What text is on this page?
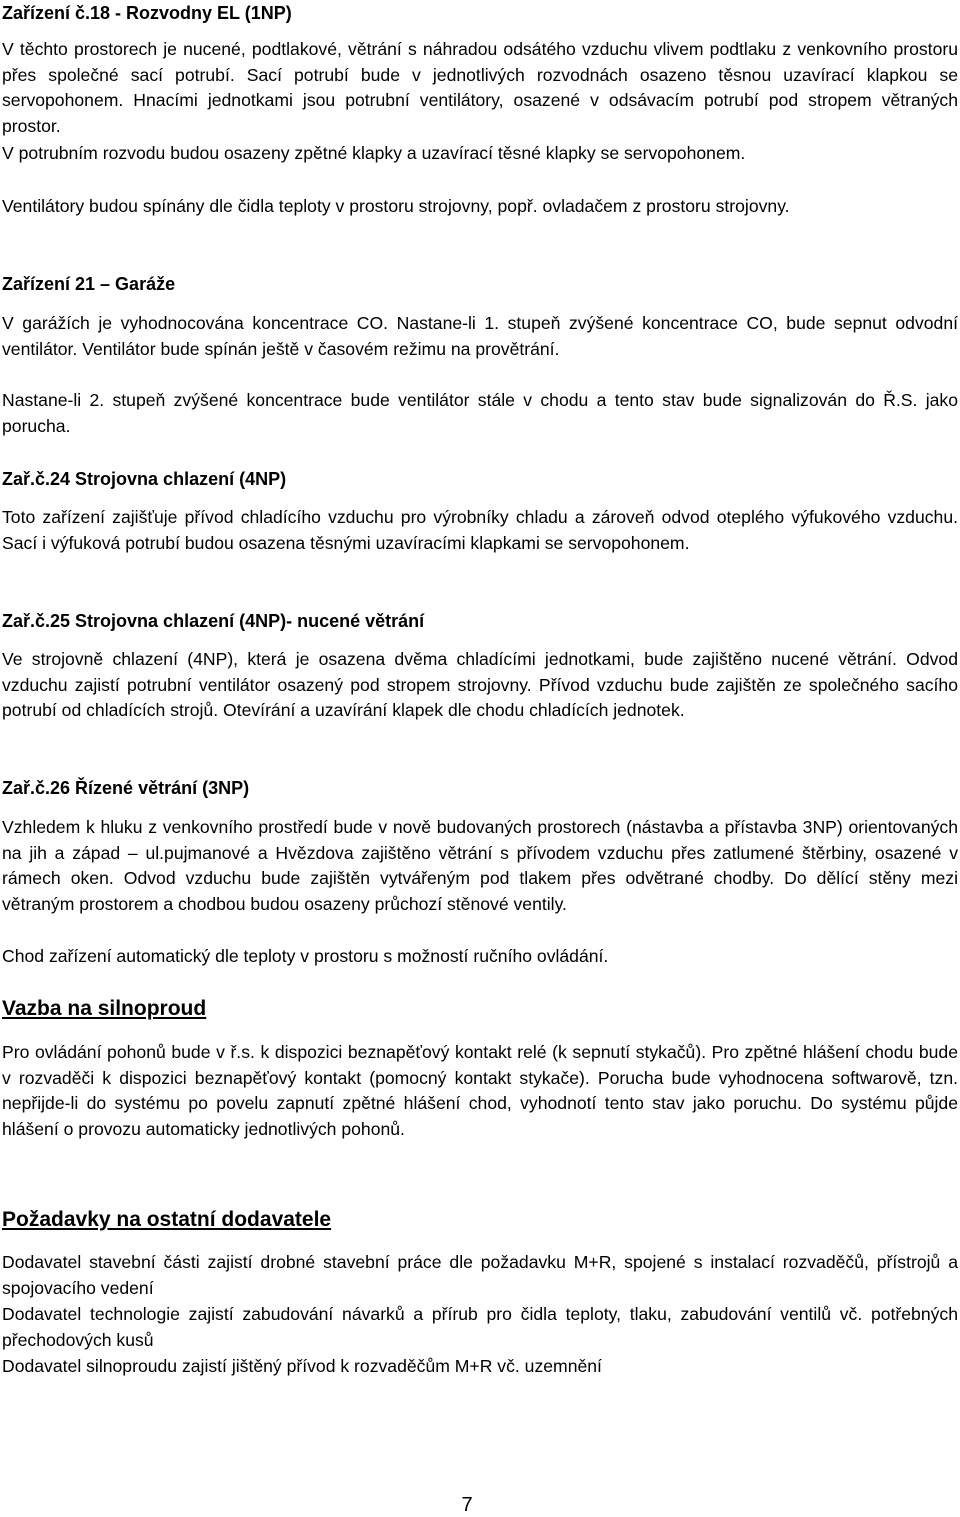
Zařízení č.18 - Rozvodny EL (1NP)

V těchto prostorech je nucené, podtlakové, větrání s náhradou odsátého vzduchu vlivem podtlaku z venkovního prostoru přes společné sací potrubí. Sací potrubí bude v jednotlivých rozvodnách osazeno těsnou uzavírací klapkou se servopohonem. Hnacími jednotkami jsou potrubní ventilátory, osazené v odsávacím potrubí pod stropem větraných prostor.

V potrubním rozvodu budou osazeny zpětné klapky a uzavírací těsné klapky se servopohonem.

Ventilátory budou spínány dle čidla teploty v prostoru strojovny, popř. ovladačem z prostoru strojovny.

Zařízení 21 – Garáže

V garážích je vyhodnocována koncentrace CO. Nastane-li 1. stupeň zvýšené koncentrace CO, bude sepnut odvodní ventilátor. Ventilátor bude spínán ještě v časovém režimu na provětrání.

Nastane-li 2. stupeň zvýšené koncentrace bude ventilátor stále v chodu a tento stav bude signalizován do Ř.S. jako porucha.

Zař.č.24 Strojovna chlazení (4NP)

Toto zařízení zajišťuje přívod chladícího vzduchu pro výrobníky chladu a zároveň odvod oteplého výfukového vzduchu. Sací i výfuková potrubí budou osazena těsnými uzavíracími klapkami se servopohonem.

Zař.č.25 Strojovna chlazení (4NP)- nucené větrání

Ve strojovně chlazení (4NP), která je osazena dvěma chladícími jednotkami, bude zajištěno nucené větrání. Odvod vzduchu zajistí potrubní ventilátor osazený pod stropem strojovny. Přívod vzduchu bude zajištěn ze společného sacího potrubí od chladících strojů. Otevírání a uzavírání klapek dle chodu chladících jednotek.

Zař.č.26 Řízené větrání (3NP)

Vzhledem k hluku z venkovního prostředí bude v nově budovaných prostorech (nástavba a přístavba 3NP) orientovaných na jih a západ – ul.pujmanové a Hvězdova zajištěno větrání s přívodem vzduchu přes zatlumené štěrbiny, osazené v rámech oken. Odvod vzduchu bude zajištěn vytvářeným pod tlakem přes odvětrané chodby. Do dělící stěny mezi větraným prostorem a chodbou budou osazeny průchozí stěnové ventily.

Chod zařízení automatický dle teploty v prostoru s možností ručního ovládání.

Vazba na silnoproud

Pro ovládání pohonů bude v ř.s. k dispozici beznapěťový kontakt relé (k sepnutí stykačů). Pro zpětné hlášení chodu bude v rozvaděči k dispozici beznapěťový kontakt (pomocný kontakt stykače). Porucha bude vyhodnocena softwarově, tzn. nepřijde-li do systému po povelu zapnutí zpětné hlášení chod, vyhodnotí tento stav jako poruchu. Do systému půjde hlášení o provozu automaticky jednotlivých pohonů.

Požadavky na ostatní dodavatele

Dodavatel stavební části zajistí drobné stavební práce dle požadavku M+R, spojené s instalací rozvaděčů, přístrojů a spojovacího vedení

Dodavatel technologie zajistí zabudování návarků a přírub pro čidla teploty, tlaku, zabudování ventilů vč. potřebných přechodových kusů

Dodavatel silnoproudu zajistí jištěný přívod k rozvaděčům M+R vč. uzemnění

7
